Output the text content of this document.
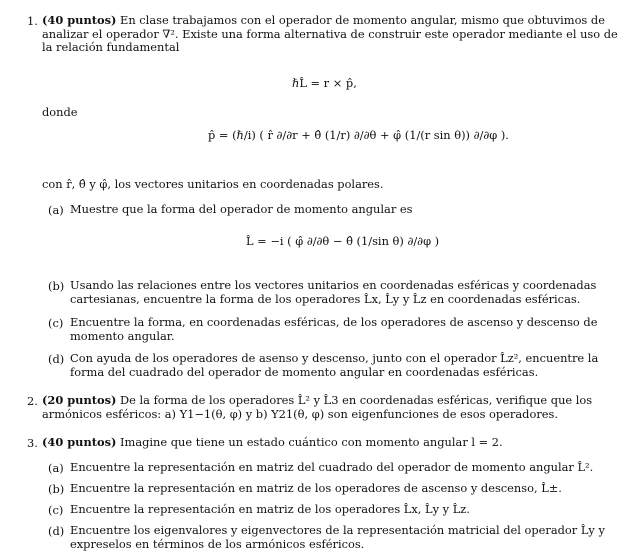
1. (40 puntos) En clase trabajamos con el operador de momento angular, mismo que obtuvimos de analizar el operador ∇². Existe una forma alternativa de construir este operador mediante el uso de la relación fundamental

ℏL̂ = r × p̂,
donde
p̂ = (ℏ/i) ( r̂ ∂/∂r + θ̂ (1/r) ∂/∂θ + φ̂ (1/(r sin θ)) ∂/∂φ ).

con r̂, θ̂ y φ̂, los vectores unitarios en coordenadas polares.

(a) Muestre que la forma del operador de momento angular es

L̂ = −i ( φ̂ ∂/∂θ − θ̂ (1/sin θ) ∂/∂φ )
(b) Usando las relaciones entre los vectores unitarios en coordenadas esféricas y coordenadas cartesianas, encuentre la forma de los operadores L̂x, L̂y y L̂z en coordenadas esféricas.

(c) Encuentre la forma, en coordenadas esféricas, de los operadores de ascenso y descenso de momento angular.

(d) Con ayuda de los operadores de asenso y descenso, junto con el operador L̂z², encuentre la forma del cuadrado del operador de momento angular en coordenadas esféricas.

2. (20 puntos) De la forma de los operadores L̂² y L̂3 en coordenadas esféricas, verifique que los armónicos esféricos: a) Y1−1(θ, φ) y b) Y21(θ, φ) son eigenfunciones de esos operadores.

3. (40 puntos) Imagine que tiene un estado cuántico con momento angular l = 2.

(a) Encuentre la representación en matriz del cuadrado del operador de momento angular L̂².

(b) Encuentre la representación en matriz de los operadores de ascenso y descenso, L̂±.

(c) Encuentre la representación en matriz de los operadores L̂x, L̂y y L̂z.

(d) Encuentre los eigenvalores y eigenvectores de la representación matricial del operador L̂y y expreselos en términos de los armónicos esféricos.
